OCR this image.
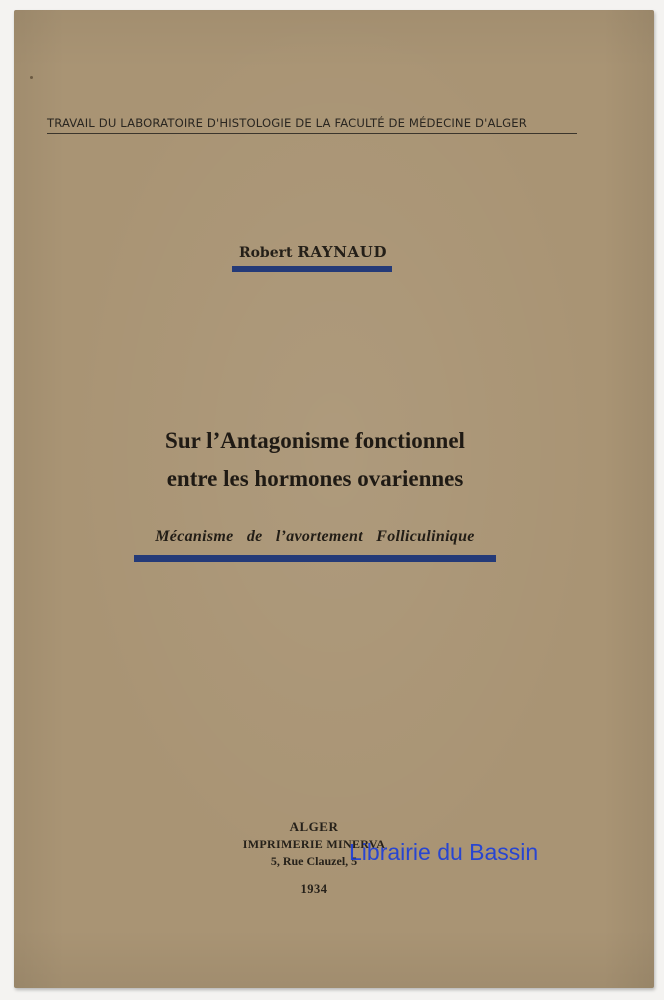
TRAVAIL DU LABORATOIRE D'HISTOLOGIE DE LA FACULTÉ DE MÉDECINE D'ALGER
Robert RAYNAUD
Sur l’Antagonisme fonctionnel
entre les hormones ovariennes
Mécanisme de l’avortement Folliculinique
ALGER
IMPRIMERIE MINERVA
5, Rue Clauzel, 5
1934
Librairie du Bassin
